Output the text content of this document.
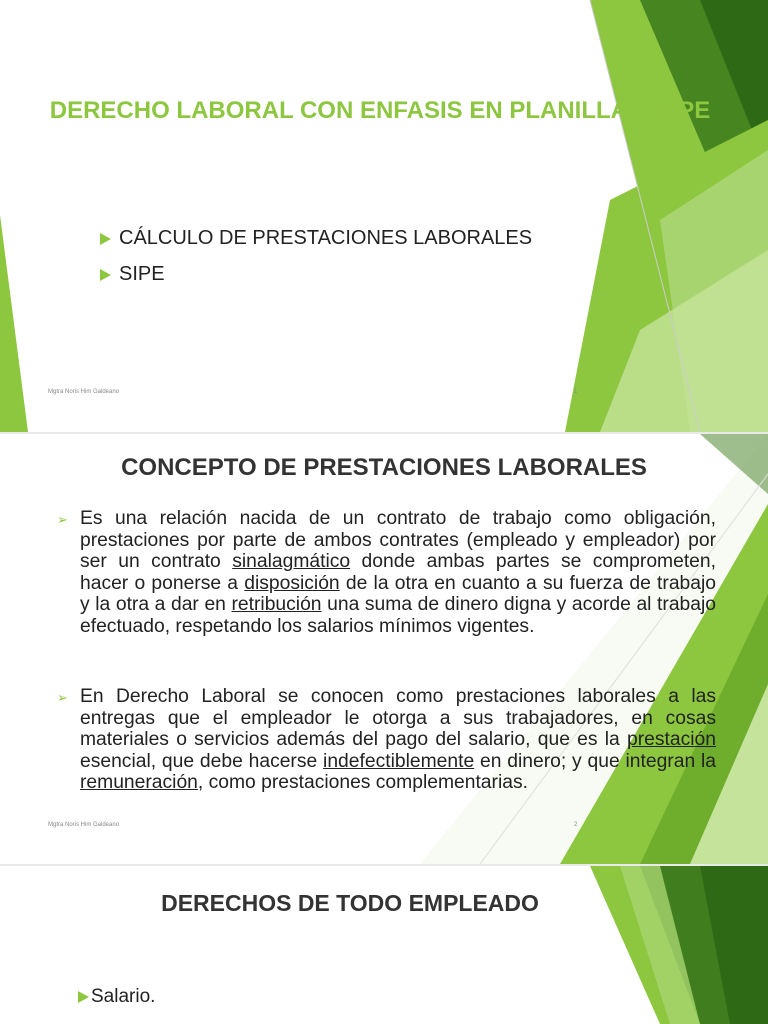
DERECHO LABORAL CON ENFASIS EN PLANILLA Y SIPE
CÁLCULO DE PRESTACIONES LABORALES
SIPE
Mgtra Noris Him Galdeano	1
CONCEPTO DE PRESTACIONES LABORALES
➢ Es una relación nacida de un contrato de trabajo como obligación, prestaciones por parte de ambos contrates (empleado y empleador) por ser un contrato sinalagmático donde ambas partes se comprometen, hacer o ponerse a disposición de la otra en cuanto a su fuerza de trabajo y la otra a dar en retribución una suma de dinero digna y acorde al trabajo efectuado, respetando los salarios mínimos vigentes.
➢ En Derecho Laboral se conocen como prestaciones laborales a las entregas que el empleador le otorga a sus trabajadores, en cosas materiales o servicios además del pago del salario, que es la prestación esencial, que debe hacerse indefectiblemente en dinero; y que integran la remuneración, como prestaciones complementarias.
Mgtra Noris Him Galdeano	2
DERECHOS DE TODO EMPLEADO
Salario.
